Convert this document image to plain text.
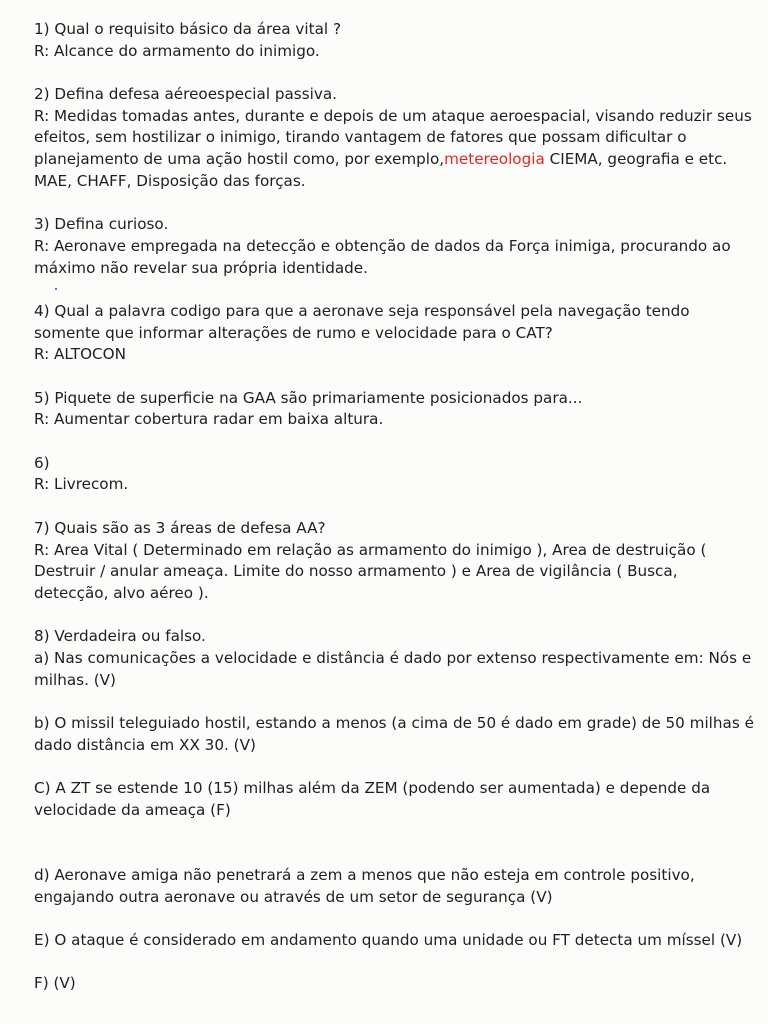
1) Qual o requisito básico da área vital ?
R: Alcance do armamento do inimigo.
2) Defina defesa aéreoespecial passiva.
R: Medidas tomadas antes, durante e depois de um ataque aeroespacial, visando reduzir seus
efeitos, sem hostilizar o inimigo, tirando vantagem de fatores que possam dificultar o
planejamento de uma ação hostil como, por exemplo,metereologia CIEMA, geografia e etc.
MAE, CHAFF, Disposição das forças.
3) Defina curioso.
R: Aeronave empregada na detecção e obtenção de dados da Força inimiga, procurando ao
máximo não revelar sua própria identidade.
4) Qual a palavra codigo para que a aeronave seja responsável pela navegação tendo
somente que informar alterações de rumo e velocidade para o CAT?
R: ALTOCON
5) Piquete de superficie na GAA são primariamente posicionados para...
R: Aumentar cobertura radar em baixa altura.
6)
R: Livrecom.
7) Quais são as 3 áreas de defesa AA?
R: Area Vital ( Determinado em relação as armamento do inimigo ), Area de destruição (
Destruir / anular ameaça. Limite do nosso armamento ) e Area de vigilância ( Busca,
detecção, alvo aéreo ).
8) Verdadeira ou falso.
a) Nas comunicações a velocidade e distância é dado por extenso respectivamente em: Nós e
milhas. (V)
b) O missil teleguiado hostil, estando a menos (a cima de 50 é dado em grade) de 50 milhas é
dado distância em XX 30. (V)
C) A ZT se estende 10 (15) milhas além da ZEM (podendo ser aumentada) e depende da
velocidade da ameaça (F)
d) Aeronave amiga não penetrará a zem a menos que não esteja em controle positivo,
engajando outra aeronave ou através de um setor de segurança (V)
E) O ataque é considerado em andamento quando uma unidade ou FT detecta um míssel (V)
F) (V)
